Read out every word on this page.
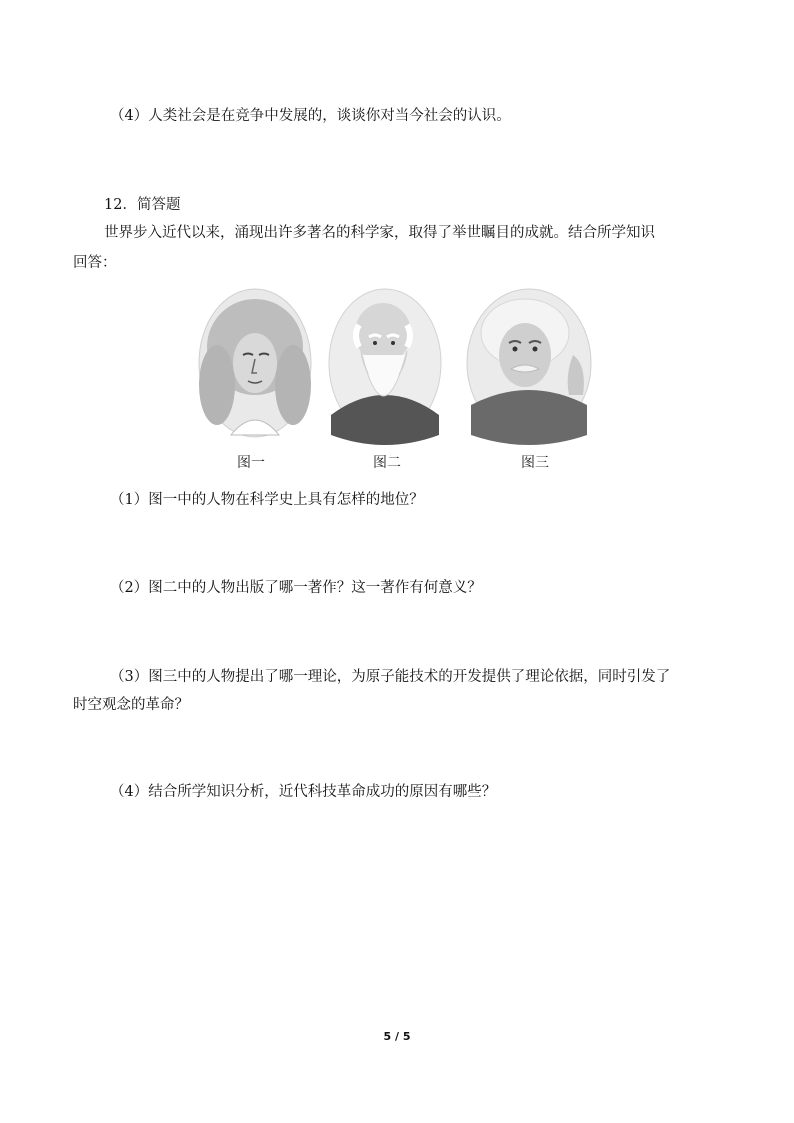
（4）人类社会是在竞争中发展的，谈谈你对当今社会的认识。
12．简答题
世界步入近代以来，涌现出许多著名的科学家，取得了举世瞩目的成就。结合所学知识
回答：
图一	图二	图三
（1）图一中的人物在科学史上具有怎样的地位？
（2）图二中的人物出版了哪一著作？这一著作有何意义？
（3）图三中的人物提出了哪一理论，为原子能技术的开发提供了理论依据，同时引发了
时空观念的革命？
（4）结合所学知识分析，近代科技革命成功的原因有哪些？
5 / 5
